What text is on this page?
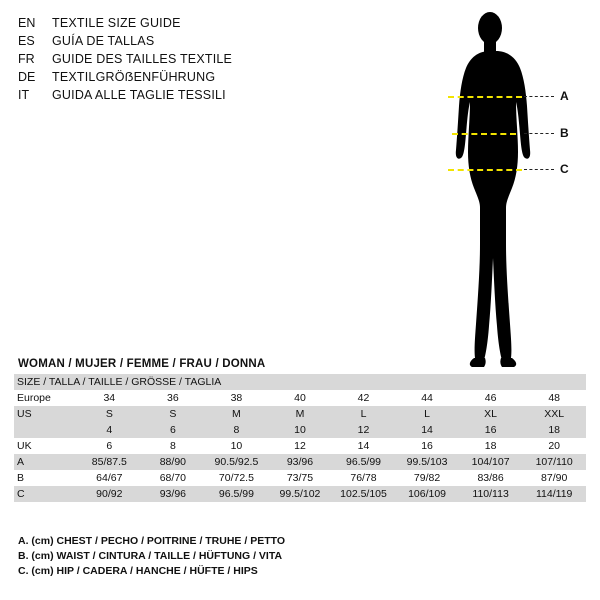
EN	TEXTILE SIZE GUIDE
ES	GUÍA DE TALLAS
FR	GUIDE DES TAILLES TEXTILE
DE	TEXTILGRÖẞENFÜHRUNG
IT	GUIDA ALLE TAGLIE TESSILI	A
B
C
WOMAN / MUJER / FEMME / FRAU / DONNA
SIZE / TALLA / TAILLE / GRÖSSE / TAGLIA								
Europe	34	36	38	40	42	44	46	48
US	S	S	M	M	L	L	XL	XXL
	4	6	8	10	12	14	16	18
UK	6	8	10	12	14	16	18	20
A	85/87.5	88/90	90.5/92.5	93/96	96.5/99	99.5/103	104/107	107/110
B	64/67	68/70	70/72.5	73/75	76/78	79/82	83/86	87/90
C	90/92	93/96	96.5/99	99.5/102	102.5/105	106/109	110/113	114/119
A. (cm) CHEST / PECHO / POITRINE / TRUHE / PETTO
B. (cm) WAIST / CINTURA / TAILLE / HÜFTUNG / VITA
C. (cm) HIP / CADERA / HANCHE / HÜFTE / HIPS
